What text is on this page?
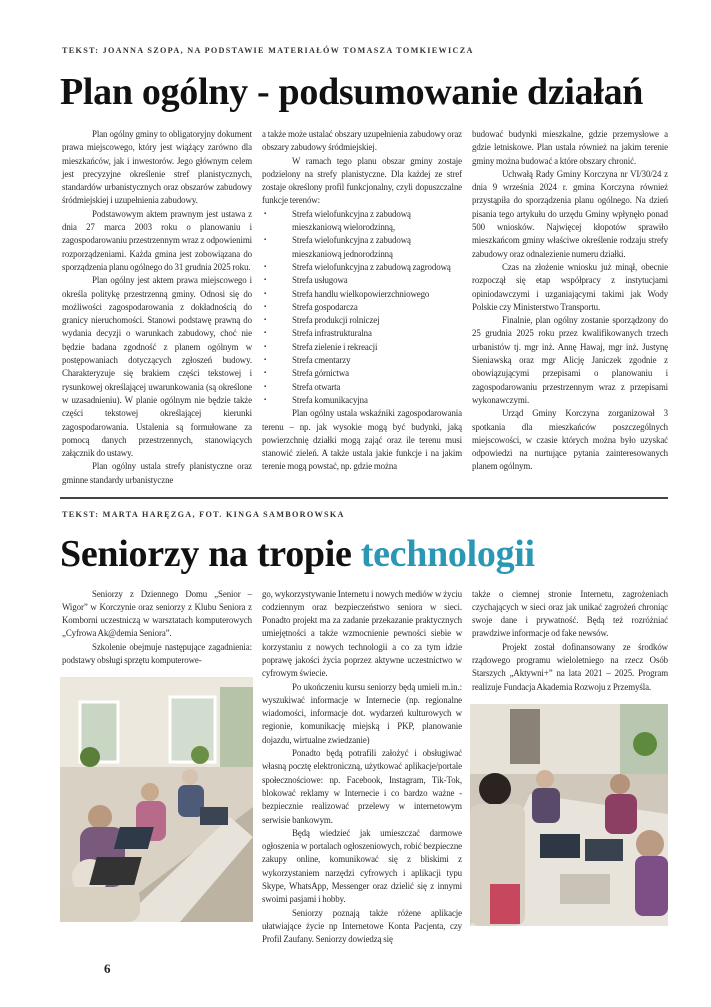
TEKST: JOANNA SZOPA, NA PODSTAWIE MATERIAŁÓW TOMASZA TOMKIEWICZA
Plan ogólny - podsumowanie działań

Plan ogólny gminy to obligatoryjny dokument prawa miejscowego, który jest wiążący zarówno dla mieszkańców, jak i inwestorów. Jego głównym celem jest precyzyjne określenie stref planistycznych, standardów urbanistycznych oraz obszarów zabudowy śródmiejskiej i uzupełnienia zabudowy.

Podstawowym aktem prawnym jest ustawa z dnia 27 marca 2003 roku o planowaniu i zagospodarowaniu przestrzennym wraz z odpowienimi rozporządzeniami. Każda gmina jest zobowiązana do sporządzenia planu ogólnego do 31 grudnia 2025 roku.

Plan ogólny jest aktem prawa miejscowego i określa politykę przestrzenną gminy. Odnosi się do możliwości zagospodarowania z dokładnością do granicy nieruchomości. Stanowi podstawę prawną do wydania decyzji o warunkach zabudowy, choć nie będzie badana zgodność z planem ogólnym w postępowaniach dotyczących zgłoszeń budowy. Charakteryzuje się brakiem części tekstowej i rysunkowej określającej uwarunkowania (są określone w uzasadnieniu). W planie ogólnym nie będzie także części tekstowej określającej kierunki zagospodarowania. Ustalenia są formułowane za pomocą danych przestrzennych, stanowiących załącznik do ustawy.

Plan ogólny ustala strefy planistyczne oraz gminne standardy urbanistyczne

a także może ustalać obszary uzupełnienia zabudowy oraz obszary zabudowy śródmiejskiej.

W ramach tego planu obszar gminy zostaje podzielony na strefy planistyczne. Dla każdej ze stref zostaje określony profil funkcjonalny, czyli dopuszczalne funkcje terenów:

▪ Strefa wielofunkcyjna z zabudową mieszkaniową wielorodzinną,
▪ Strefa wielofunkcyjna z zabudową mieszkaniową jednorodzinną
▪ Strefa wielofunkcyjna z zabudową zagrodową
▪ Strefa usługowa
▪ Strefa handlu wielkopowierzchniowego
▪ Strefa gospodarcza
▪ Strefa produkcji rolniczej
▪ Strefa infrastrukturalna
▪ Strefa zielenie i rekreacji
▪ Strefa cmentarzy
▪ Strefa górnictwa
▪ Strefa otwarta
▪ Strefa komunikacyjna

Plan ogólny ustala wskaźniki zagospodarowania terenu – np. jak wysokie mogą być budynki, jaką powierzchnię działki mogą zająć oraz ile terenu musi stanowić zieleń. A także ustala jakie funkcje i na jakim terenie mogą powstać, np. gdzie można

budować budynki mieszkalne, gdzie przemysłowe a gdzie letniskowe. Plan ustala również na jakim terenie gminy można budować a które obszary chronić.

Uchwałą Rady Gminy Korczyna nr VI/30/24 z dnia 9 września 2024 r. gmina Korczyna również przystąpiła do sporządzenia planu ogólnego. Na dzień pisania tego artykułu do urzędu Gminy wpłynęło ponad 500 wniosków. Najwięcej kłopotów sprawiło mieszkańcom gminy właściwe określenie rodzaju strefy zabudowy oraz odnalezienie numeru działki.

Czas na złożenie wniosku już minął, obecnie rozpoczął się etap współpracy z instytucjami opiniodawczymi i uzganiającymi takimi jak Wody Polskie czy Ministerstwo Transportu.

Finalnie, plan ogólny zostanie sporządzony do 25 grudnia 2025 roku przez kwalifikowanych trzech urbanistów tj. mgr inż. Annę Hawaj, mgr inż. Justynę Sieniawską oraz mgr Alicję Janiczek zgodnie z obowiązującymi przepisami o planowaniu i zagospodarowaniu przestrzennym wraz z przepisami wykonawczymi.

Urząd Gminy Korczyna zorganizował 3 spotkania dla mieszkańców poszczególnych miejscowości, w czasie których można było uzyskać odpowiedzi na nurtujące pytania zainteresowanych planem ogólnym.

TEKST: MARTA HARĘZGA, FOT. KINGA SAMBOROWSKA
Seniorzy na tropie technologii

Seniorzy z Dziennego Domu „Senior – Wigor” w Korczynie oraz seniorzy z Klubu Seniora z Komborni uczestniczą w warsztatach komputerowych „Cyfrowa Ak@demia Seniora”.

Szkolenie obejmuje następujące zagadnienia: podstawy obsługi sprzętu komputerowe-

go, wykorzystywanie Internetu i nowych mediów w życiu codziennym oraz bezpieczeństwo seniora w sieci. Ponadto projekt ma za zadanie przekazanie praktycznych umiejętności a także wzmocnienie pewności siebie w korzystaniu z nowych technologii a co za tym idzie poprawę jakości życia poprzez aktywne uczestnictwo w cyfrowym świecie.

Po ukończeniu kursu seniorzy będą umieli m.in.: wyszukiwać informacje w Internecie (np. regionalne wiadomości, informacje dot. wydarzeń kulturowych w regionie, komunikację miejską i PKP, planowanie dojazdu, wirtualne zwiedzanie)

Ponadto będą potrafili założyć i obsługiwać własną pocztę elektroniczną, użytkować aplikacje/portale społecznościowe: np. Facebook, Instagram, Tik-Tok, blokować reklamy w Internecie i co bardzo ważne - bezpiecznie realizować przelewy w internetowym serwisie bankowym.

Będą wiedzieć jak umieszczać darmowe ogłoszenia w portalach ogłoszeniowych, robić bezpieczne zakupy online, komunikować się z bliskimi z wykorzystaniem narzędzi cyfrowych i aplikacji typu Skype, WhatsApp, Messenger oraz dzielić się z innymi swoimi pasjami i hobby.

Seniorzy poznają także różene aplikacje ułatwiające życie np Internetowe Konta Pacjenta, czy Profil Zaufany. Seniorzy dowiedzą się

także o ciemnej stronie Internetu, zagrożeniach czychających w sieci oraz jak unikać zagrożeń chroniąc swoje dane i prywatność. Będą też rozróżniać prawdziwe informacje od fake newsów.

Projekt został dofinansowany ze środków rządowego programu wieloletniego na rzecz Osób Starszych „Aktywni+” na lata 2021 – 2025. Program realizuje Fundacja Akademia Rozwoju z Przemyśla.

6
